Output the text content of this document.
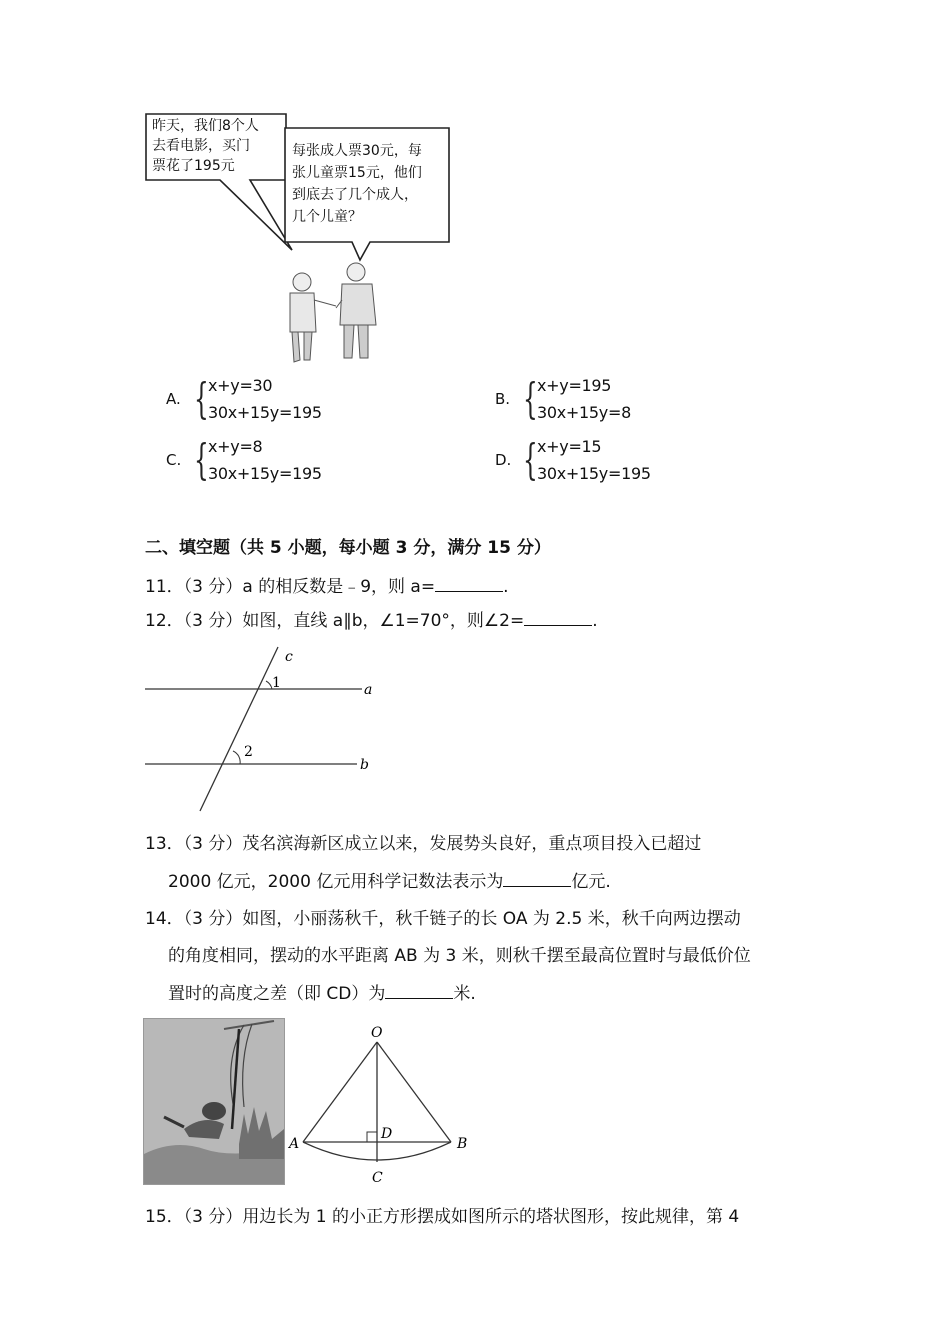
昨天，我们8个人
去看电影，买门
票花了195元
每张成人票30元，每
张儿童票15元，他们
到底去了几个成人，
几个儿童？
A. { x+y=30
30x+15y=195
B. { x+y=195
30x+15y=8
C. { x+y=8
30x+15y=195
D. { x+y=15
30x+15y=195
二、填空题（共 5 小题，每小题 3 分，满分 15 分）
11．（3 分）a 的相反数是﹣9，则 a=	.
12．（3 分）如图，直线 a∥b，∠1=70°，则∠2=	.
c
a
b
1
2
13．（3 分）茂名滨海新区成立以来，发展势头良好，重点项目投入已超过
2000 亿元，2000 亿元用科学记数法表示为	亿元.
14．（3 分）如图，小丽荡秋千，秋千链子的长 OA 为 2.5 米，秋千向两边摆动
的角度相同，摆动的水平距离 AB 为 3 米，则秋千摆至最高位置时与最低价位
置时的高度之差（即 CD）为	米.
O
A	B
D
C
15．（3 分）用边长为 1 的小正方形摆成如图所示的塔状图形，按此规律，第 4
